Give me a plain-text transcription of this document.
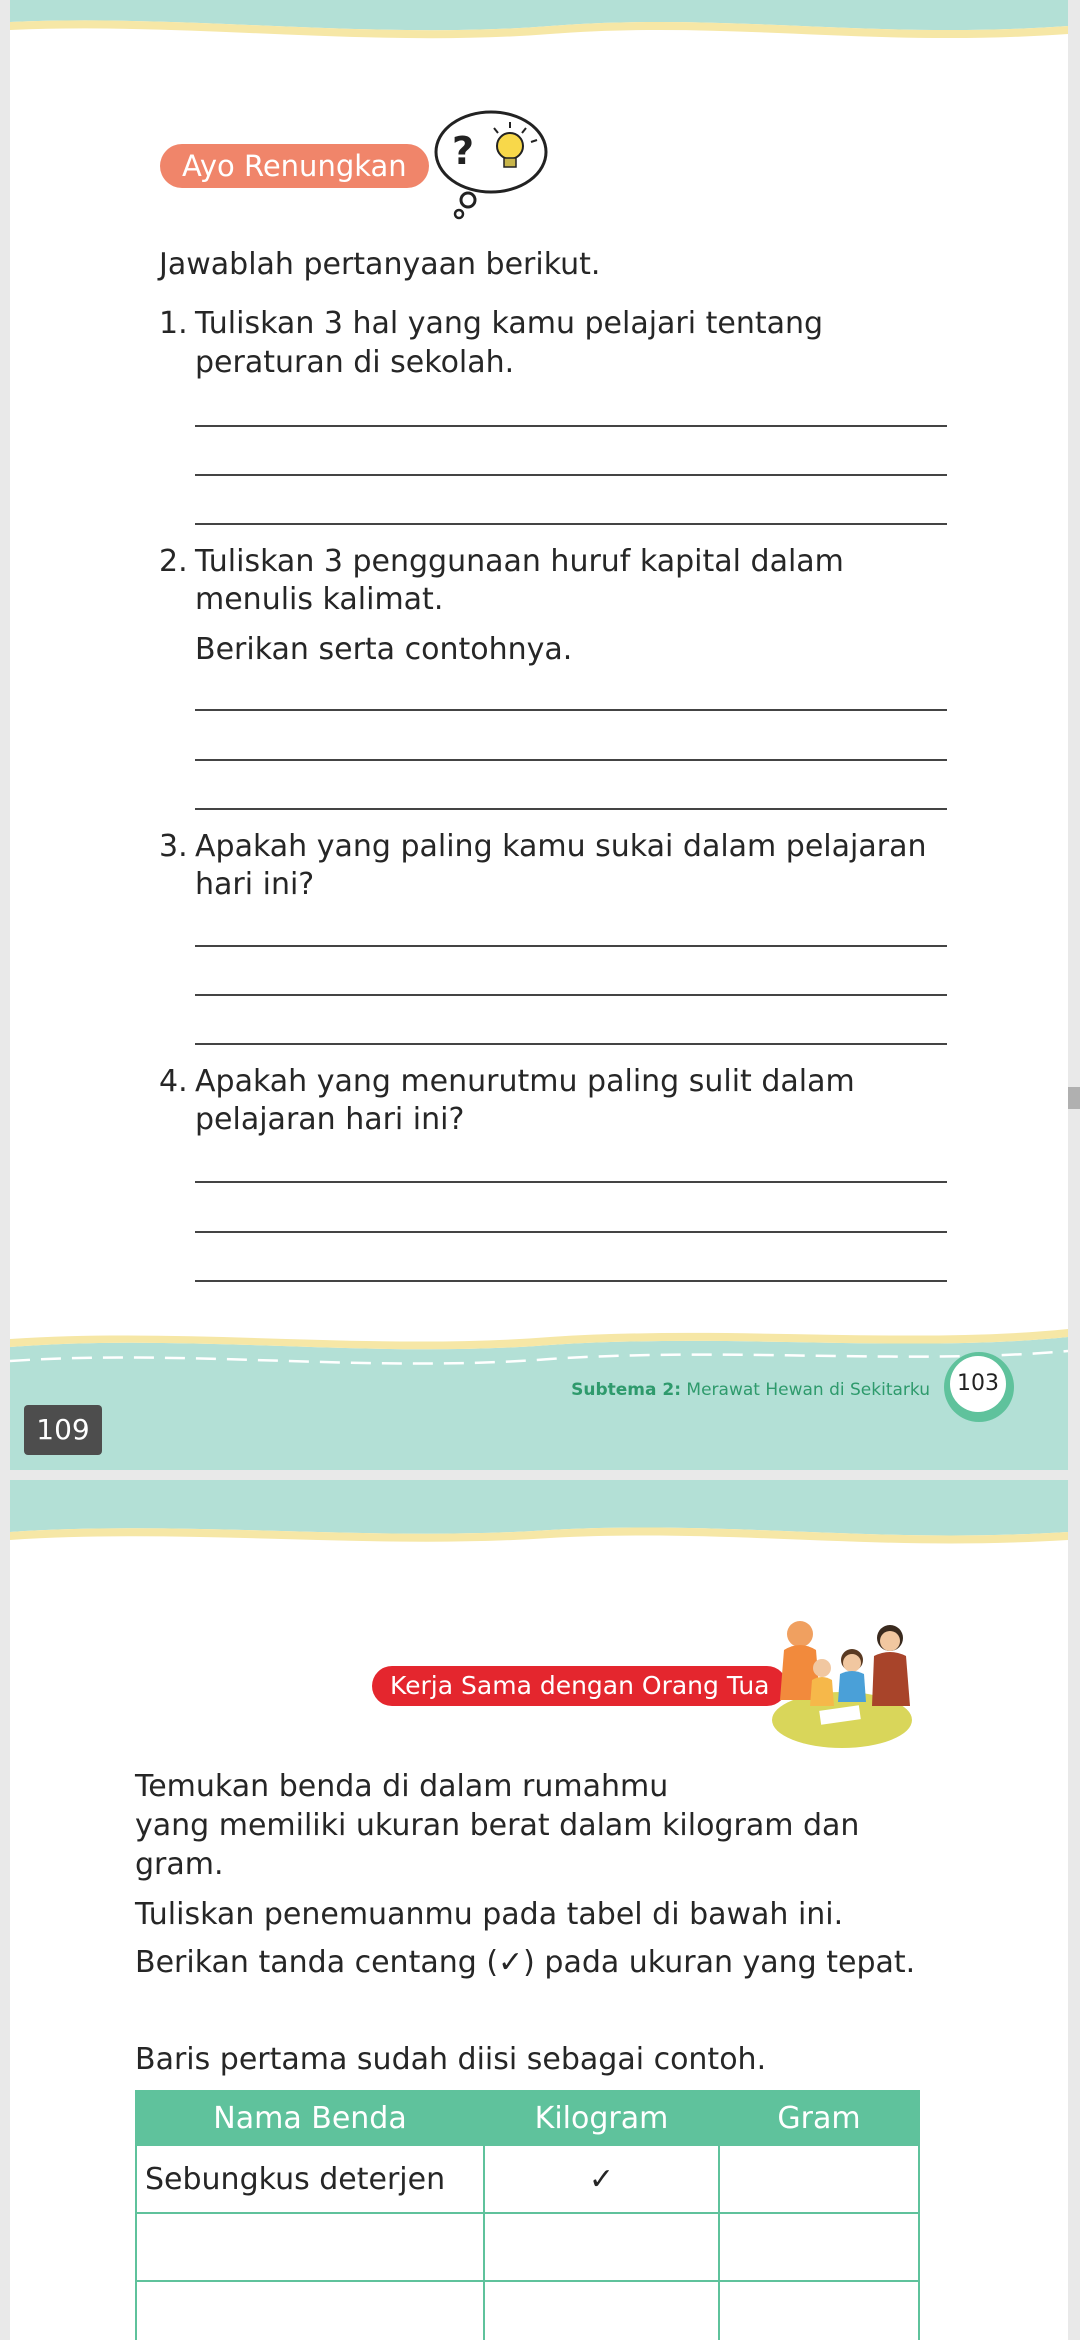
Ayo Renungkan	?
Jawablah pertanyaan berikut.
1. Tuliskan 3 hal yang kamu pelajari tentang
peraturan di sekolah.
2. Tuliskan 3 penggunaan huruf kapital dalam
menulis kalimat.
Berikan serta contohnya.
3. Apakah yang paling kamu sukai dalam pelajaran
hari ini?
4. Apakah yang menurutmu paling sulit dalam
pelajaran hari ini?
Subtema 2: Merawat Hewan di Sekitarku	103
109
Kerja Sama dengan Orang Tua
Temukan benda di dalam rumahmu
yang memiliki ukuran berat dalam kilogram dan
gram.
Tuliskan penemuanmu pada tabel di bawah ini.
Berikan tanda centang (✓) pada ukuran yang tepat.
Baris pertama sudah diisi sebagai contoh.
Nama Benda	Kilogram	Gram
Sebungkus deterjen	✓	
